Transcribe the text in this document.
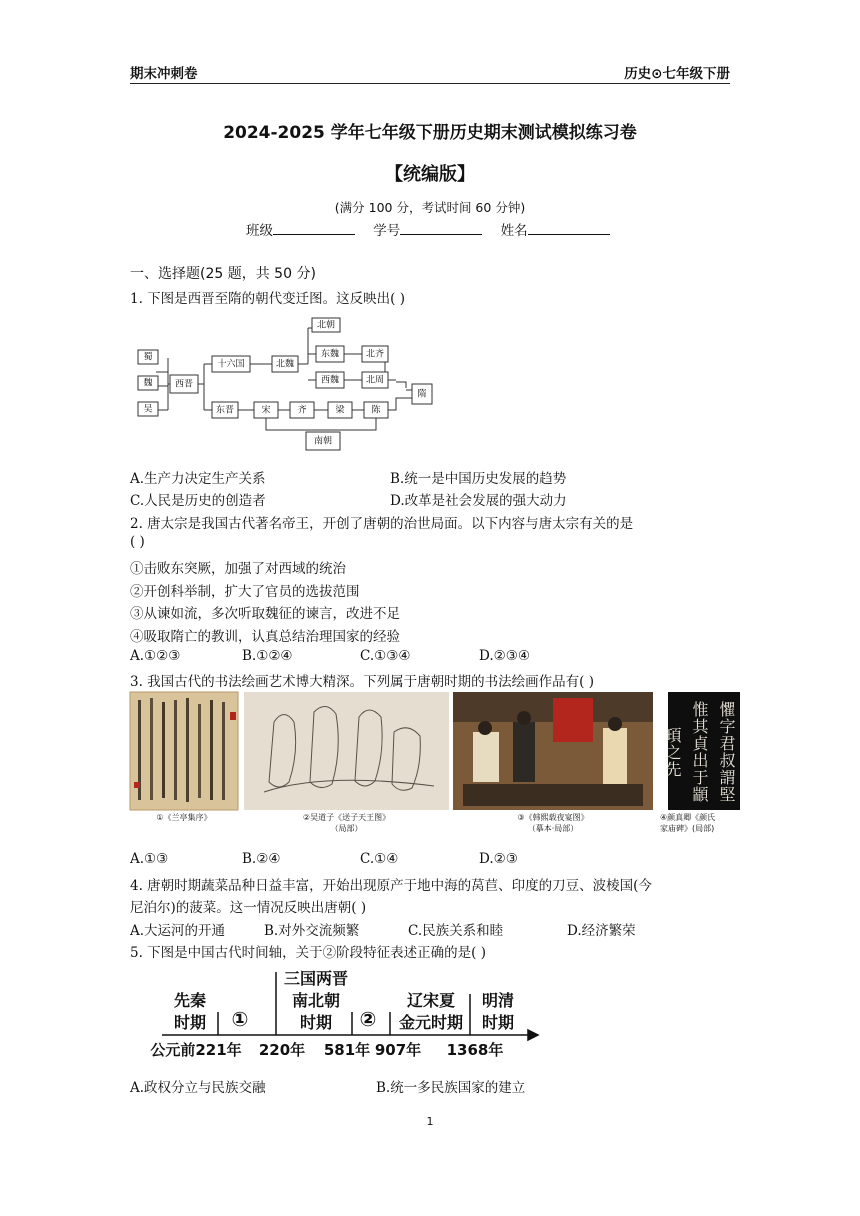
期末冲刺卷	历史⊙七年级下册
2024-2025 学年七年级下册历史期末测试模拟练习卷
【统编版】
(满分 100 分，考试时间 60 分钟)
班级	学号	姓名
一、选择题(25 题，共 50 分)
1. 下图是西晋至隋的朝代变迁图。这反映出( )
北朝
蜀
魏
吴
西晋
十六国	北魏
东魏	北齐
西魏	北周
隋
东晋	宋	齐	梁	陈
南朝
A.生产力决定生产关系	B.统一是中国历史发展的趋势
C.人民是历史的创造者	D.改革是社会发展的强大动力
2. 唐太宗是我国古代著名帝王，开创了唐朝的治世局面。以下内容与唐太宗有关的是
( )
①击败东突厥，加强了对西域的统治
②开创科举制，扩大了官员的选拔范围
③从谏如流，多次听取魏征的谏言，改进不足
④吸取隋亡的教训，认真总结治理国家的经验
A.①②③	B.①②④	C.①③④	D.②③④
3. 我国古代的书法绘画艺术博大精深。下列属于唐朝时期的书法绘画作品有( )
懼字君叔謂堅惟其貞出于顓頊之先
①《兰亭集序》	②吴道子《送子天王图》
（局部）
③《韩熙载夜宴图》
（摹本·局部）
④颜真卿《颜氏
家庙碑》(局部)
A.①③	B.②④	C.①④	D.②③
4. 唐朝时期蔬菜品种日益丰富，开始出现原产于地中海的莴苣、印度的刀豆、波棱国(今
尼泊尔)的菠菜。这一情况反映出唐朝( )
A.大运河的开通	B.对外交流频繁	C.民族关系和睦	D.经济繁荣
5. 下图是中国古代时间轴，关于②阶段特征表述正确的是( )
先秦
时期 ①
三国两晋
南北朝
时期 ②
辽宋夏
金元时期
明清
时期
公元前221年 220年 581年 907年 1368年
A.政权分立与民族交融	B.统一多民族国家的建立
1
